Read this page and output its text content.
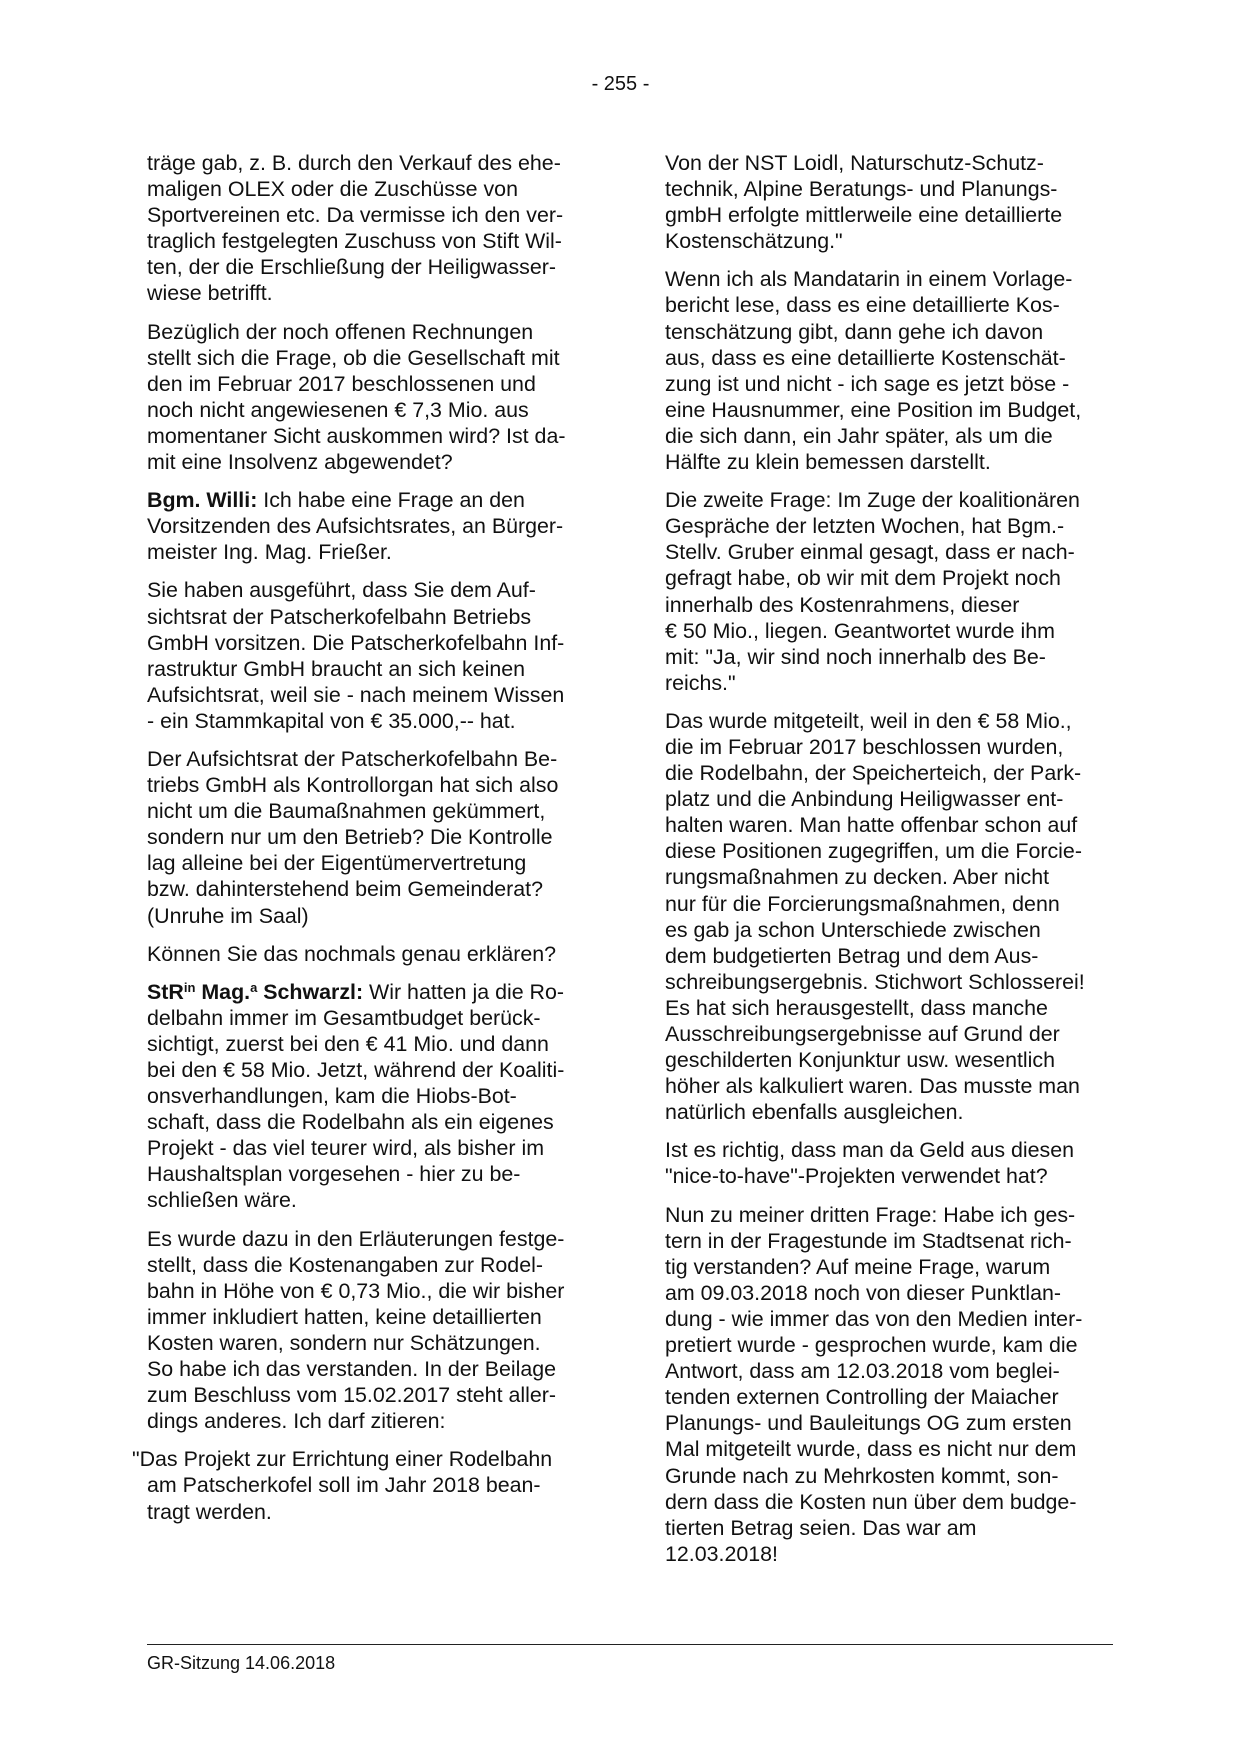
- 255 -

träge gab, z. B. durch den Verkauf des ehe-
maligen OLEX oder die Zuschüsse von
Sportvereinen etc. Da vermisse ich den ver-
traglich festgelegten Zuschuss von Stift Wil-
ten, der die Erschließung der Heiligwasser-
wiese betrifft.

Bezüglich der noch offenen Rechnungen
stellt sich die Frage, ob die Gesellschaft mit
den im Februar 2017 beschlossenen und
noch nicht angewiesenen € 7,3 Mio. aus
momentaner Sicht auskommen wird? Ist da-
mit eine Insolvenz abgewendet?

Bgm. Willi: Ich habe eine Frage an den
Vorsitzenden des Aufsichtsrates, an Bürger-
meister Ing. Mag. Frießer.

Sie haben ausgeführt, dass Sie dem Auf-
sichtsrat der Patscherkofelbahn Betriebs
GmbH vorsitzen. Die Patscherkofelbahn Inf-
rastruktur GmbH braucht an sich keinen
Aufsichtsrat, weil sie - nach meinem Wissen
- ein Stammkapital von € 35.000,-- hat.

Der Aufsichtsrat der Patscherkofelbahn Be-
triebs GmbH als Kontrollorgan hat sich also
nicht um die Baumaßnahmen gekümmert,
sondern nur um den Betrieb? Die Kontrolle
lag alleine bei der Eigentümervertretung
bzw. dahinterstehend beim Gemeinderat?
(Unruhe im Saal)

Können Sie das nochmals genau erklären?

StR$^{in}$ Mag.$^a$ Schwarzl: Wir hatten ja die Ro-
delbahn immer im Gesamtbudget berück-
sichtigt, zuerst bei den € 41 Mio. und dann
bei den € 58 Mio. Jetzt, während der Koaliti-
onsverhandlungen, kam die Hiobs-Bot-
schaft, dass die Rodelbahn als ein eigenes
Projekt - das viel teurer wird, als bisher im
Haushaltsplan vorgesehen - hier zu be-
schließen wäre.

Es wurde dazu in den Erläuterungen festge-
stellt, dass die Kostenangaben zur Rodel-
bahn in Höhe von € 0,73 Mio., die wir bisher
immer inkludiert hatten, keine detaillierten
Kosten waren, sondern nur Schätzungen.
So habe ich das verstanden. In der Beilage
zum Beschluss vom 15.02.2017 steht aller-
dings anderes. Ich darf zitieren:

"Das Projekt zur Errichtung einer Rodelbahn
am Patscherkofel soll im Jahr 2018 bean-
tragt werden.

Von der NST Loidl, Naturschutz-Schutz-
technik, Alpine Beratungs- und Planungs-
gmbH erfolgte mittlerweile eine detaillierte
Kostenschätzung."

Wenn ich als Mandatarin in einem Vorlage-
bericht lese, dass es eine detaillierte Kos-
tenschätzung gibt, dann gehe ich davon
aus, dass es eine detaillierte Kostenschät-
zung ist und nicht - ich sage es jetzt böse -
eine Hausnummer, eine Position im Budget,
die sich dann, ein Jahr später, als um die
Hälfte zu klein bemessen darstellt.

Die zweite Frage: Im Zuge der koalitionären
Gespräche der letzten Wochen, hat Bgm.-
Stellv. Gruber einmal gesagt, dass er nach-
gefragt habe, ob wir mit dem Projekt noch
innerhalb des Kostenrahmens, dieser
€ 50 Mio., liegen. Geantwortet wurde ihm
mit: "Ja, wir sind noch innerhalb des Be-
reichs."

Das wurde mitgeteilt, weil in den € 58 Mio.,
die im Februar 2017 beschlossen wurden,
die Rodelbahn, der Speicherteich, der Park-
platz und die Anbindung Heiligwasser ent-
halten waren. Man hatte offenbar schon auf
diese Positionen zugegriffen, um die Forcie-
rungsmaßnahmen zu decken. Aber nicht
nur für die Forcierungsmaßnahmen, denn
es gab ja schon Unterschiede zwischen
dem budgetierten Betrag und dem Aus-
schreibungsergebnis. Stichwort Schlosserei!
Es hat sich herausgestellt, dass manche
Ausschreibungsergebnisse auf Grund der
geschilderten Konjunktur usw. wesentlich
höher als kalkuliert waren. Das musste man
natürlich ebenfalls ausgleichen.

Ist es richtig, dass man da Geld aus diesen
"nice-to-have"-Projekten verwendet hat?

Nun zu meiner dritten Frage: Habe ich ges-
tern in der Fragestunde im Stadtsenat rich-
tig verstanden? Auf meine Frage, warum
am 09.03.2018 noch von dieser Punktlan-
dung - wie immer das von den Medien inter-
pretiert wurde - gesprochen wurde, kam die
Antwort, dass am 12.03.2018 vom beglei-
tenden externen Controlling der Maiacher
Planungs- und Bauleitungs OG zum ersten
Mal mitgeteilt wurde, dass es nicht nur dem
Grunde nach zu Mehrkosten kommt, son-
dern dass die Kosten nun über dem budge-
tierten Betrag seien. Das war am
12.03.2018!

GR-Sitzung 14.06.2018
